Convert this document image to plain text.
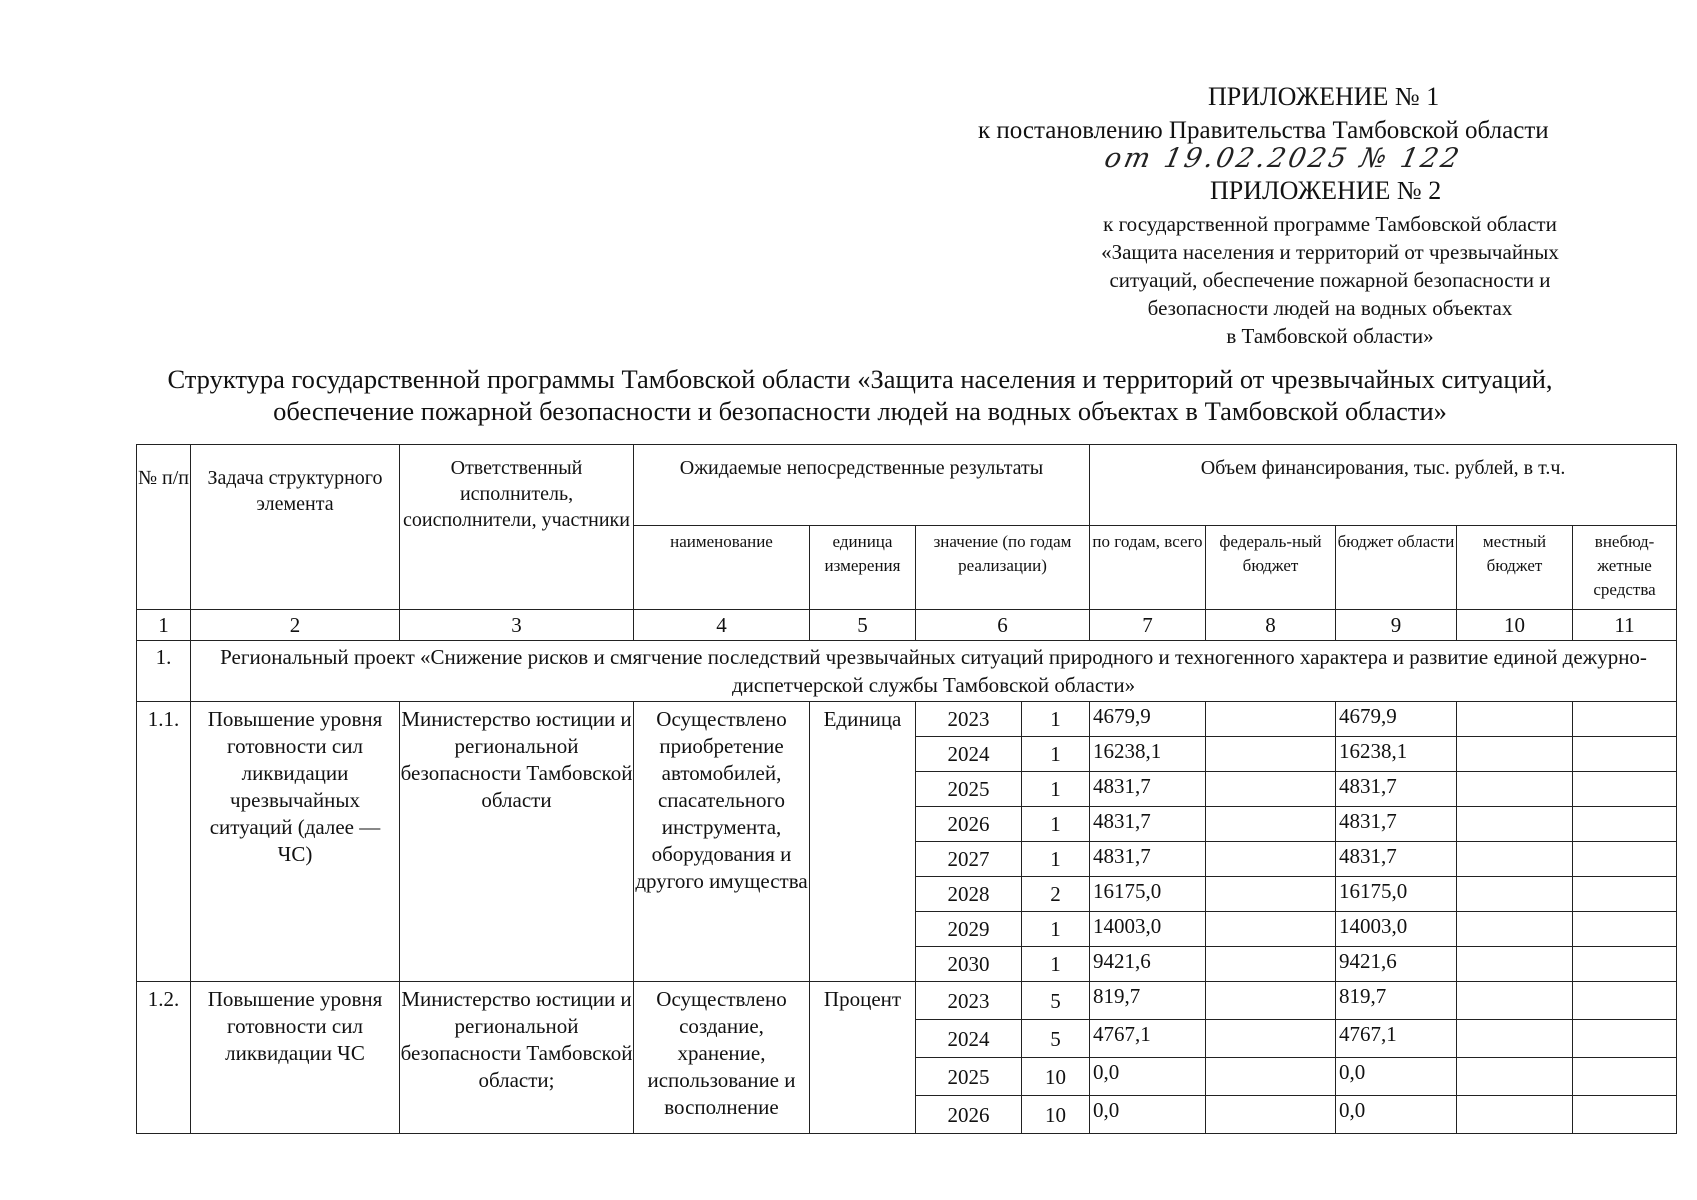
ПРИЛОЖЕНИЕ № 1
к постановлению Правительства Тамбовской области
от 19.02.2025 № 122
ПРИЛОЖЕНИЕ № 2
к государственной программе Тамбовской области
«Защита населения и территорий от чрезвычайных
ситуаций, обеспечение пожарной безопасности и
безопасности людей на водных объектах
в Тамбовской области»
Структура государственной программы Тамбовской области «Защита населения и территорий от чрезвычайных ситуаций,
обеспечение пожарной безопасности и безопасности людей на водных объектах в Тамбовской области»
№ п/п	Задача структурного элемента	Ответственный исполнитель, соисполнители, участники	Ожидаемые непосредственные результаты				Объем финансирования, тыс. рублей, в т.ч.				
			наименование	единица измерения	значение (по годам реализации)		по годам, всего	федераль-ный бюджет	бюджет области	местный бюджет	внебюд-жетные средства
1	2	3	4	5	6		7	8	9	10	11
1.	Региональный проект «Снижение рисков и смягчение последствий чрезвычайных ситуаций природного и техногенного характера и развитие единой дежурно-диспетчерской службы Тамбовской области»										
1.1.	Повышение уровня готовности сил ликвидации чрезвычайных ситуаций (далее — ЧС)	Министерство юстиции и региональной безопасности Тамбовской области	Осуществлено приобретение автомобилей, спасательного инструмента, оборудования и другого имущества	Единица	2023	1	4679,9		4679,9		
					2024	1	16238,1		16238,1		
					2025	1	4831,7		4831,7		
					2026	1	4831,7		4831,7		
					2027	1	4831,7		4831,7		
					2028	2	16175,0		16175,0		
					2029	1	14003,0		14003,0		
					2030	1	9421,6		9421,6		
1.2.	Повышение уровня готовности сил ликвидации ЧС	Министерство юстиции и региональной безопасности Тамбовской области;	Осуществлено создание, хранение, использование и восполнение	Процент	2023	5	819,7		819,7		
					2024	5	4767,1		4767,1		
					2025	10	0,0		0,0		
					2026	10	0,0		0,0		
